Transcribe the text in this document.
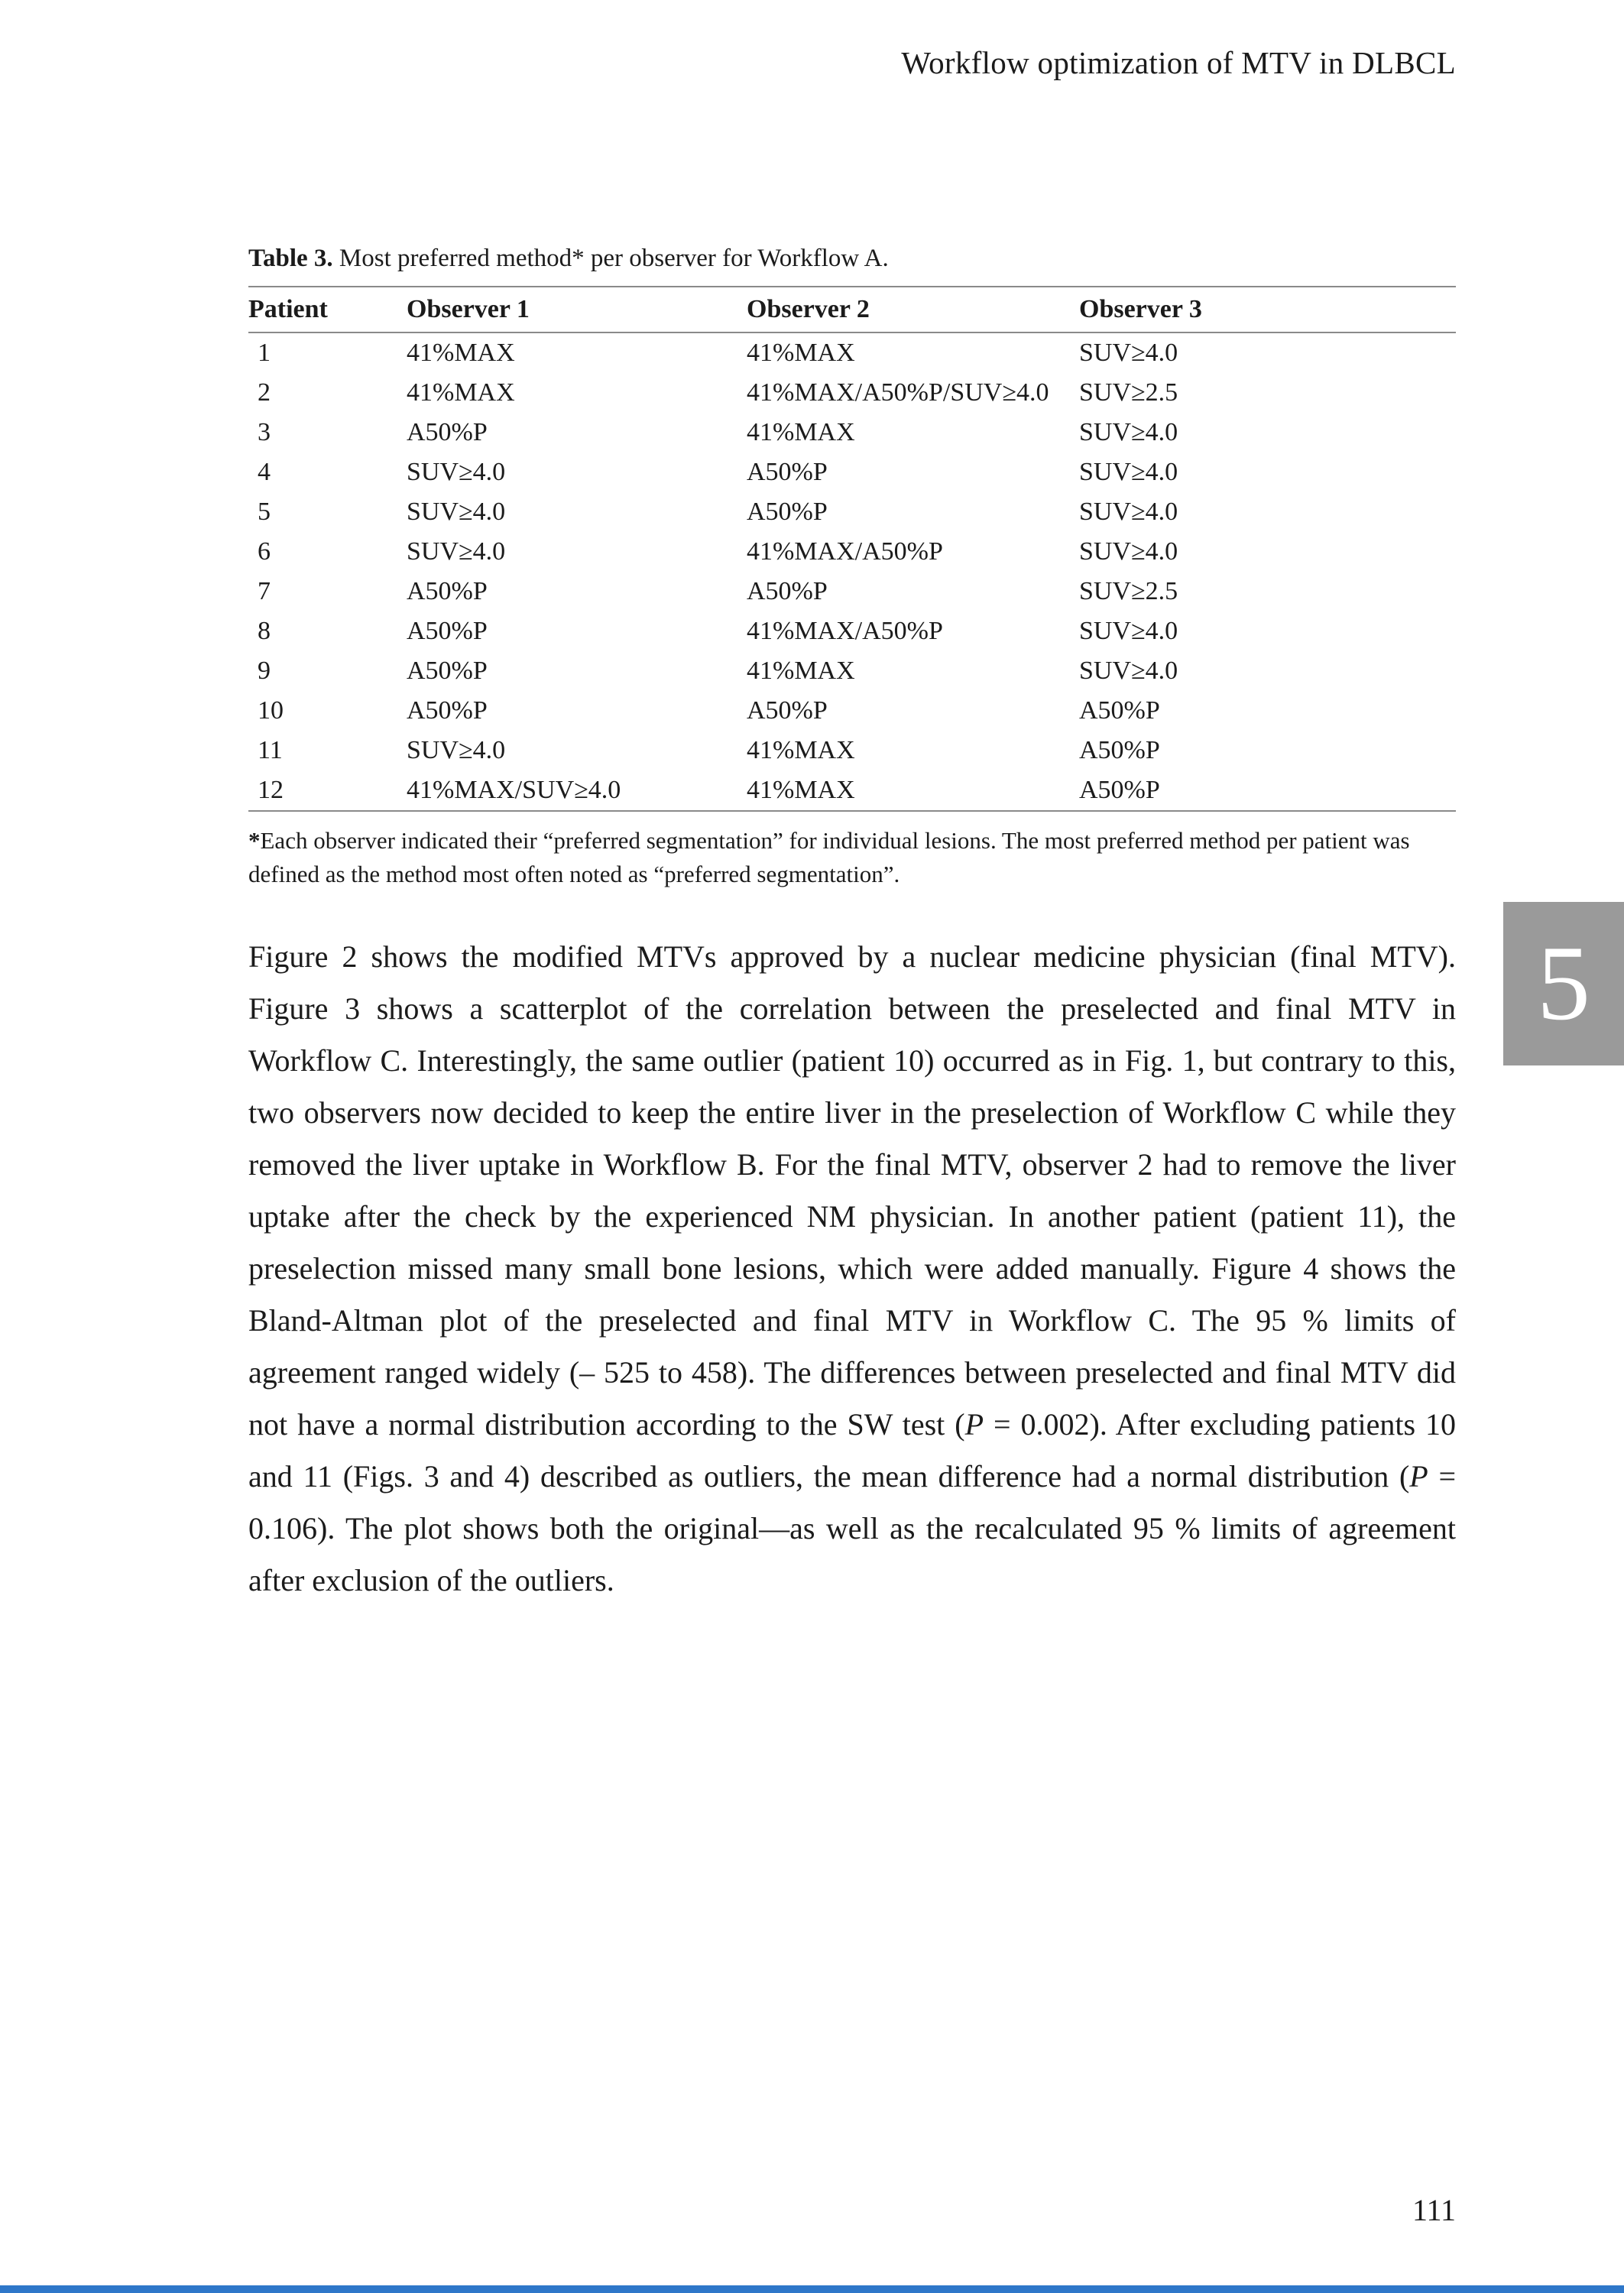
Workflow optimization of MTV in DLBCL

Table 3. Most preferred method* per observer for Workflow A.

Patient	Observer 1	Observer 2	Observer 3
1	41%MAX	41%MAX	SUV≥4.0
2	41%MAX	41%MAX/A50%P/SUV≥4.0	SUV≥2.5
3	A50%P	41%MAX	SUV≥4.0
4	SUV≥4.0	A50%P	SUV≥4.0
5	SUV≥4.0	A50%P	SUV≥4.0
6	SUV≥4.0	41%MAX/A50%P	SUV≥4.0
7	A50%P	A50%P	SUV≥2.5
8	A50%P	41%MAX/A50%P	SUV≥4.0
9	A50%P	41%MAX	SUV≥4.0
10	A50%P	A50%P	A50%P
11	SUV≥4.0	41%MAX	A50%P
12	41%MAX/SUV≥4.0	41%MAX	A50%P

*Each observer indicated their “preferred segmentation” for individual lesions. The most preferred method per patient was defined as the method most often noted as “preferred segmentation”.

Figure 2 shows the modified MTVs approved by a nuclear medicine physician (final MTV). Figure 3 shows a scatterplot of the correlation between the preselected and final MTV in Workflow C. Interestingly, the same outlier (patient 10) occurred as in Fig. 1, but contrary to this, two observers now decided to keep the entire liver in the preselection of Workflow C while they removed the liver uptake in Workflow B. For the final MTV, observer 2 had to remove the liver uptake after the check by the experienced NM physician. In another patient (patient 11), the preselection missed many small bone lesions, which were added manually. Figure 4 shows the Bland-Altman plot of the preselected and final MTV in Workflow C. The 95 % limits of agreement ranged widely (– 525 to 458). The differences between preselected and final MTV did not have a normal distribution according to the SW test (P = 0.002). After excluding patients 10 and 11 (Figs. 3 and 4) described as outliers, the mean difference had a normal distribution (P = 0.106). The plot shows both the original—as well as the recalculated 95 % limits of agreement after exclusion of the outliers.

5
111
